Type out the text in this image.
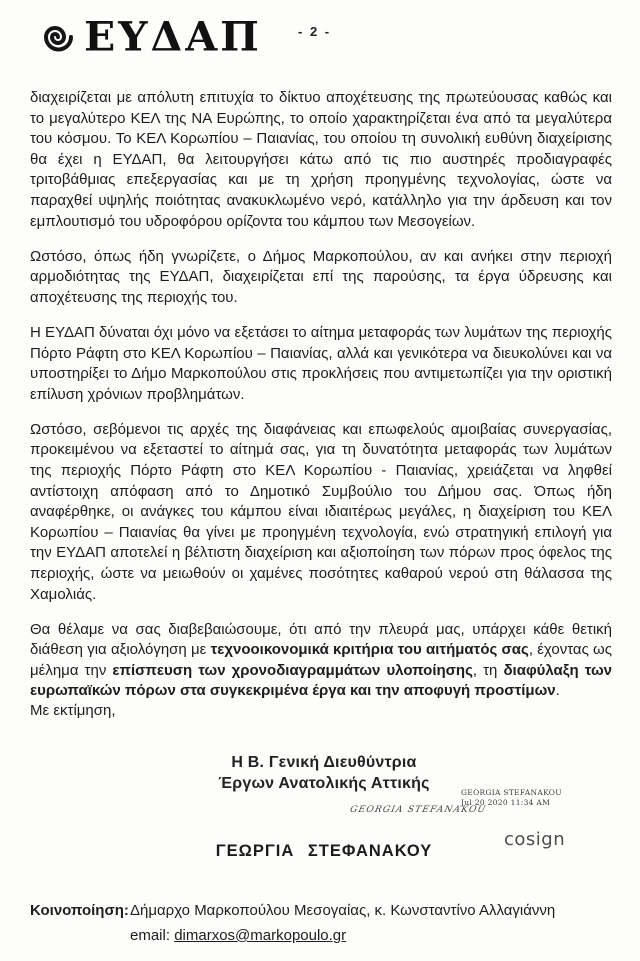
ΕΥΔΑΠ	- 2 -

διαχειρίζεται με απόλυτη επιτυχία το δίκτυο αποχέτευσης της πρωτεύουσας καθώς και το μεγαλύτερο ΚΕΛ της ΝΑ Ευρώπης, το οποίο χαρακτηρίζεται ένα από τα μεγαλύτερα του κόσμου. Το ΚΕΛ Κορωπίου – Παιανίας, του οποίου τη συνολική ευθύνη διαχείρισης θα έχει η ΕΥΔΑΠ, θα λειτουργήσει κάτω από τις πιο αυστηρές προδιαγραφές τριτοβάθμιας επεξεργασίας και με τη χρήση προηγμένης τεχνολογίας, ώστε να παραχθεί υψηλής ποιότητας ανακυκλωμένο νερό, κατάλληλο για την άρδευση και τον εμπλουτισμό του υδροφόρου ορίζοντα του κάμπου των Μεσογείων.

Ωστόσο, όπως ήδη γνωρίζετε, ο Δήμος Μαρκοπούλου, αν και ανήκει στην περιοχή αρμοδιότητας της ΕΥΔΑΠ, διαχειρίζεται επί της παρούσης, τα έργα ύδρευσης και αποχέτευσης της περιοχής του.

Η ΕΥΔΑΠ δύναται όχι μόνο να εξετάσει το αίτημα μεταφοράς των λυμάτων της περιοχής Πόρτο Ράφτη στο ΚΕΛ Κορωπίου – Παιανίας, αλλά και γενικότερα να διευκολύνει και να υποστηρίξει το Δήμο Μαρκοπούλου στις προκλήσεις που αντιμετωπίζει για την οριστική επίλυση χρόνιων προβλημάτων.

Ωστόσο, σεβόμενοι τις αρχές της διαφάνειας και επωφελούς αμοιβαίας συνεργασίας, προκειμένου να εξεταστεί το αίτημά σας, για τη δυνατότητα μεταφοράς των λυμάτων της περιοχής Πόρτο Ράφτη στο ΚΕΛ Κορωπίου - Παιανίας, χρειάζεται να ληφθεί αντίστοιχη απόφαση από το Δημοτικό Συμβούλιο του Δήμου σας. Όπως ήδη αναφέρθηκε, οι ανάγκες του κάμπου είναι ιδιαιτέρως μεγάλες, η διαχείριση του ΚΕΛ Κορωπίου – Παιανίας θα γίνει με προηγμένη τεχνολογία, ενώ στρατηγική επιλογή για την ΕΥΔΑΠ αποτελεί η βέλτιστη διαχείριση και αξιοποίηση των πόρων προς όφελος της περιοχής, ώστε να μειωθούν οι χαμένες ποσότητες καθαρού νερού στη θάλασσα της Χαμολιάς.

Θα θέλαμε να σας διαβεβαιώσουμε, ότι από την πλευρά μας, υπάρχει κάθε θετική διάθεση για αξιολόγηση με τεχνοοικονομικά κριτήρια του αιτήματός σας, έχοντας ως μέλημα την επίσπευση των χρονοδιαγραμμάτων υλοποίησης, τη διαφύλαξη των ευρωπαϊκών πόρων στα συγκεκριμένα έργα και την αποφυγή προστίμων.

Με εκτίμηση,

Η Β. Γενική Διευθύντρια
Έργων Ανατολικής Αττικής
GEORGIA STEFANAKOU
Jul 20 2020 11:34 AM
GEORGIA STEFANAKOU
cosign
ΓΕΩΡΓΙΑ ΣΤΕΦΑΝΑΚΟΥ
Κοινοποίηση: Δήμαρχο Μαρκοπούλου Μεσογαίας, κ. Κωνσταντίνο Αλλαγιάννη
email: dimarxos@markopoulo.gr
